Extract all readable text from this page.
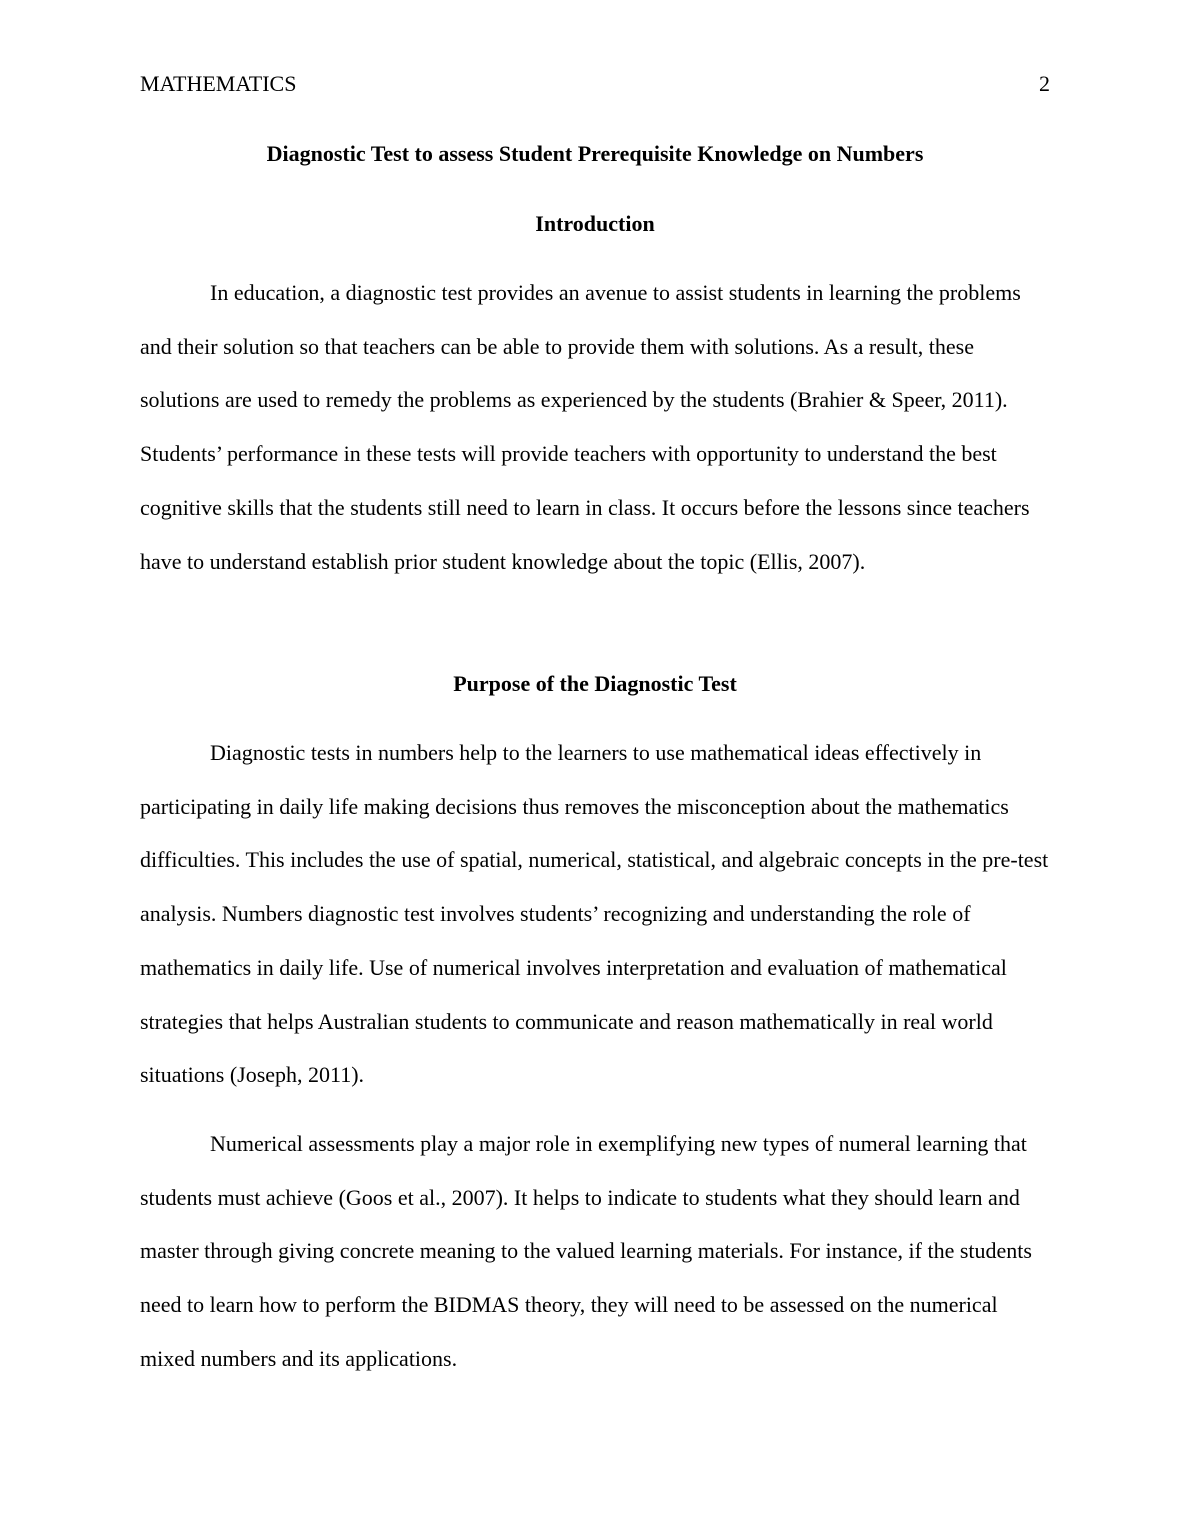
MATHEMATICS	2
Diagnostic Test to assess Student Prerequisite Knowledge on Numbers
Introduction

In education, a diagnostic test provides an avenue to assist students in learning the problems and their solution so that teachers can be able to provide them with solutions. As a result, these solutions are used to remedy the problems as experienced by the students (Brahier & Speer, 2011). Students’ performance in these tests will provide teachers with opportunity to understand the best cognitive skills that the students still need to learn in class. It occurs before the lessons since teachers have to understand establish prior student knowledge about the topic (Ellis, 2007).

Purpose of the Diagnostic Test

Diagnostic tests in numbers help to the learners to use mathematical ideas effectively in participating in daily life making decisions thus removes the misconception about the mathematics difficulties. This includes the use of spatial, numerical, statistical, and algebraic concepts in the pre-test analysis. Numbers diagnostic test involves students’ recognizing and understanding the role of mathematics in daily life. Use of numerical involves interpretation and evaluation of mathematical strategies that helps Australian students to communicate and reason mathematically in real world situations (Joseph, 2011).

Numerical assessments play a major role in exemplifying new types of numeral learning that students must achieve (Goos et al., 2007). It helps to indicate to students what they should learn and master through giving concrete meaning to the valued learning materials. For instance, if the students need to learn how to perform the BIDMAS theory, they will need to be assessed on the numerical mixed numbers and its applications.
